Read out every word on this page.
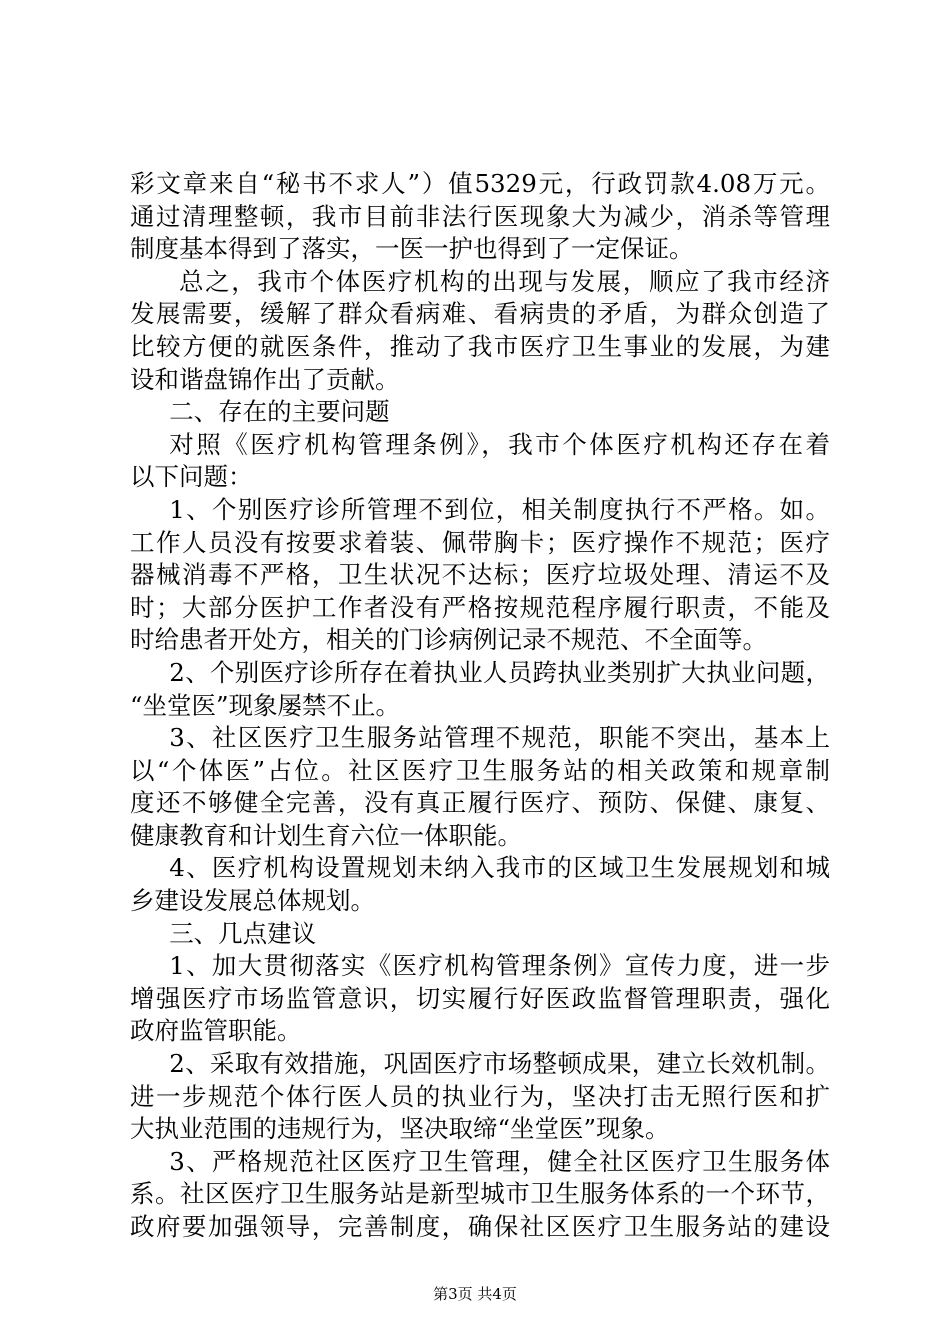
彩文章来自“秘书不求人”）值5329元，行政罚款4.08万元。
通过清理整顿，我市目前非法行医现象大为减少，消杀等管理
制度基本得到了落实，一医一护也得到了一定保证。
总之，我市个体医疗机构的出现与发展，顺应了我市经济
发展需要，缓解了群众看病难、看病贵的矛盾，为群众创造了
比较方便的就医条件，推动了我市医疗卫生事业的发展，为建
设和谐盘锦作出了贡献。
二、存在的主要问题
对照《医疗机构管理条例》，我市个体医疗机构还存在着
以下问题：
1、个别医疗诊所管理不到位，相关制度执行不严格。如。
工作人员没有按要求着装、佩带胸卡；医疗操作不规范；医疗
器械消毒不严格，卫生状况不达标；医疗垃圾处理、清运不及
时；大部分医护工作者没有严格按规范程序履行职责，不能及
时给患者开处方，相关的门诊病例记录不规范、不全面等。
2、个别医疗诊所存在着执业人员跨执业类别扩大执业问题，
“坐堂医”现象屡禁不止。
3、社区医疗卫生服务站管理不规范，职能不突出，基本上
以“个体医”占位。社区医疗卫生服务站的相关政策和规章制
度还不够健全完善，没有真正履行医疗、预防、保健、康复、
健康教育和计划生育六位一体职能。
4、医疗机构设置规划未纳入我市的区域卫生发展规划和城
乡建设发展总体规划。
三、几点建议
1、加大贯彻落实《医疗机构管理条例》宣传力度，进一步
增强医疗市场监管意识，切实履行好医政监督管理职责，强化
政府监管职能。
2、采取有效措施，巩固医疗市场整顿成果，建立长效机制。
进一步规范个体行医人员的执业行为，坚决打击无照行医和扩
大执业范围的违规行为，坚决取缔“坐堂医”现象。
3、严格规范社区医疗卫生管理，健全社区医疗卫生服务体
系。社区医疗卫生服务站是新型城市卫生服务体系的一个环节，
政府要加强领导，完善制度，确保社区医疗卫生服务站的建设
第3页 共4页
